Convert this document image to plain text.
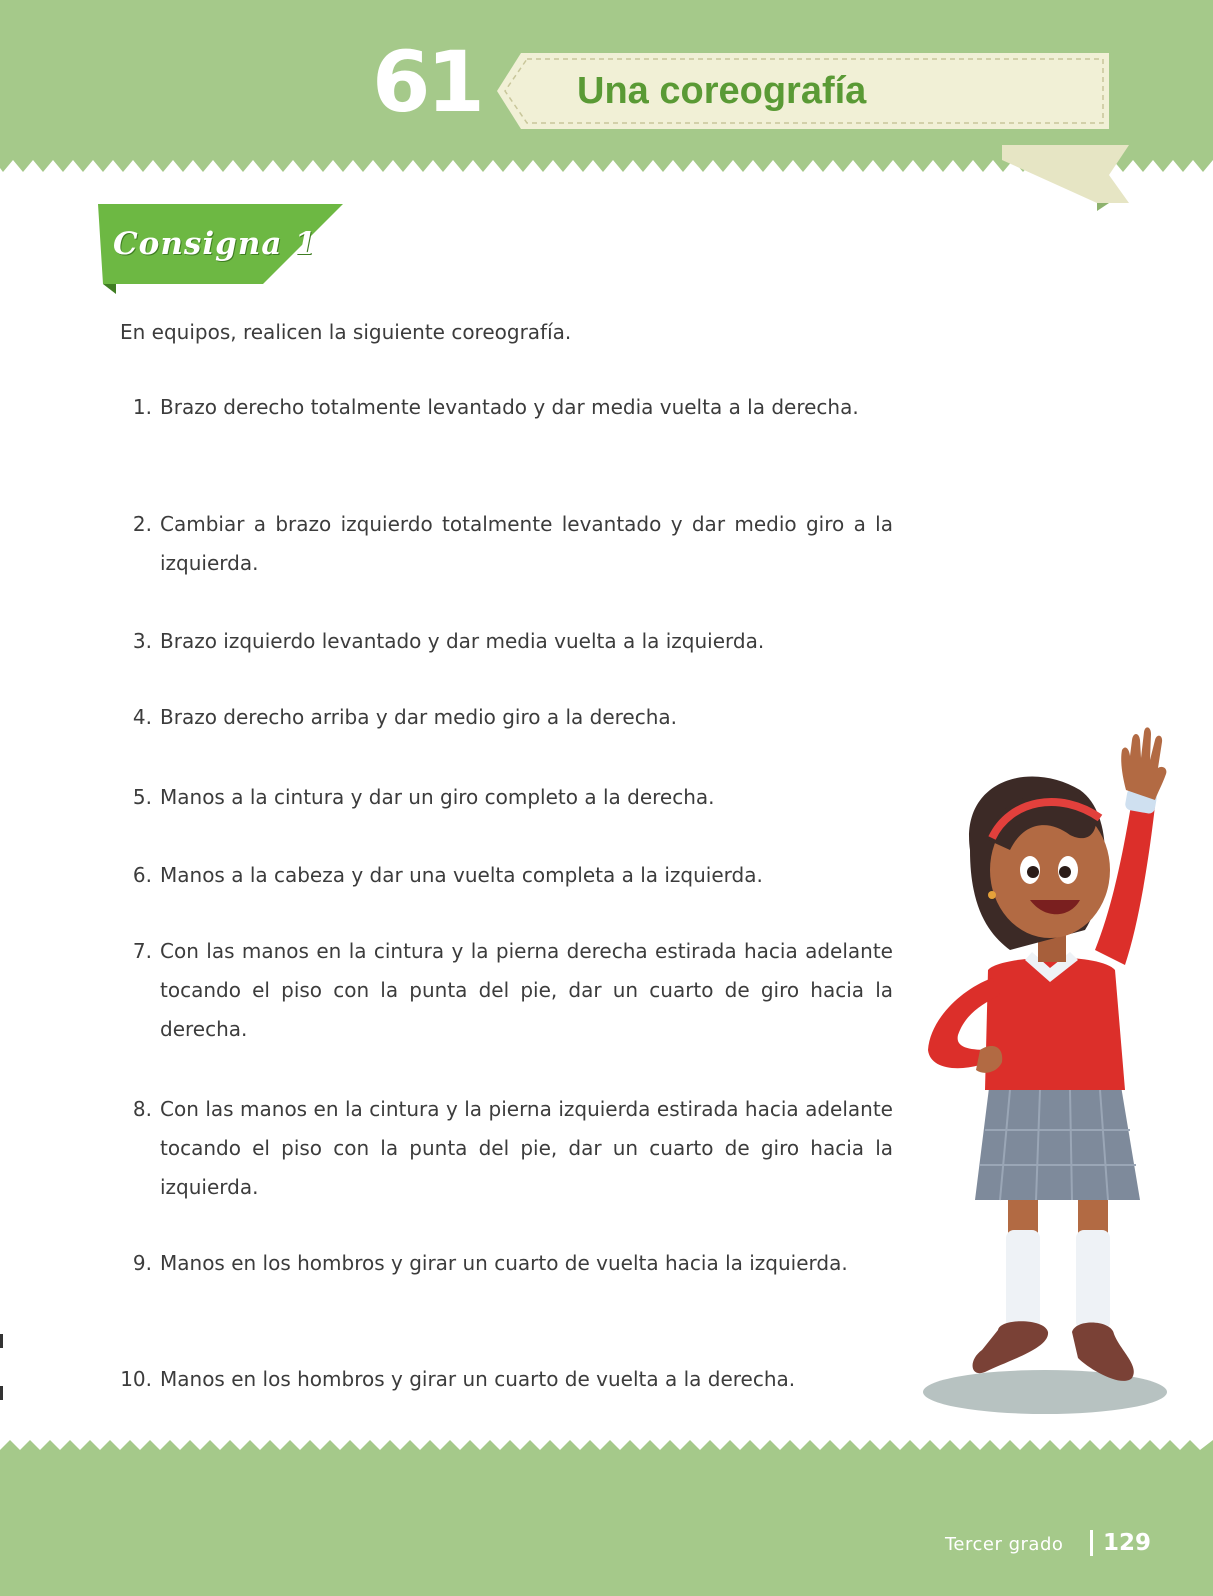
61	Una coreografía
Consigna 1
En equipos, realicen la siguiente coreografía.
1. Brazo derecho totalmente levantado y dar media vuelta a la derecha.
2. Cambiar a brazo izquierdo totalmente levantado y dar medio giro a la izquierda.
3. Brazo izquierdo levantado y dar media vuelta a la izquierda.
4. Brazo derecho arriba y dar medio giro a la derecha.
5. Manos a la cintura y dar un giro completo a la derecha.
6. Manos a la cabeza y dar una vuelta completa a la izquierda.
7. Con las manos en la cintura y la pierna derecha estirada hacia adelante tocando el piso con la punta del pie, dar un cuarto de giro hacia la derecha.
8. Con las manos en la cintura y la pierna izquierda estirada hacia adelante tocando el piso con la punta del pie, dar un cuarto de giro hacia la izquierda.
9. Manos en los hombros y girar un cuarto de vuelta hacia la izquierda.
10. Manos en los hombros y girar un cuarto de vuelta a la derecha.
Tercer grado 129
